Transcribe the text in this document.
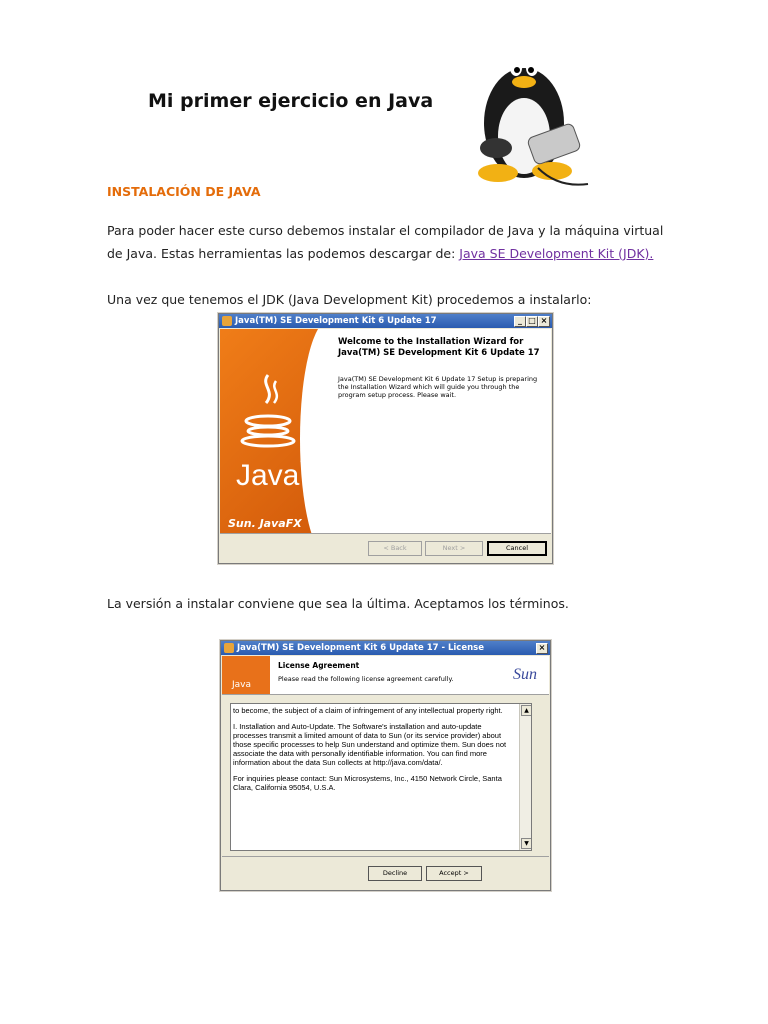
Mi primer ejercicio en Java
INSTALACIÓN DE JAVA
Para poder hacer este curso debemos instalar el compilador de Java y la máquina virtual
de Java. Estas herramientas las podemos descargar de: Java SE Development Kit (JDK).
Una vez que tenemos el JDK (Java Development Kit) procedemos a instalarlo:
Java(TM) SE Development Kit 6 Update 17	_ □ ×
Java™
Sun. JavaFX
Welcome to the Installation Wizard for
Java(TM) SE Development Kit 6 Update 17
Java(TM) SE Development Kit 6 Update 17 Setup is preparing the Installation Wizard which will guide you through the program setup process. Please wait.
< Back	Next >	Cancel
La versión a instalar conviene que sea la última. Aceptamos los términos.
Java(TM) SE Development Kit 6 Update 17 - License	×
Java
License Agreement
Please read the following license agreement carefully.	Sun

to become, the subject of a claim of infringement of any intellectual property right.

I. Installation and Auto-Update. The Software's installation and auto-update processes transmit a limited amount of data to Sun (or its service provider) about those specific processes to help Sun understand and optimize them. Sun does not associate the data with personally identifiable information. You can find more information about the data Sun collects at http://java.com/data/.

For inquiries please contact: Sun Microsystems, Inc., 4150 Network Circle, Santa Clara, California 95054, U.S.A.

▲
▼
Decline	Accept >
